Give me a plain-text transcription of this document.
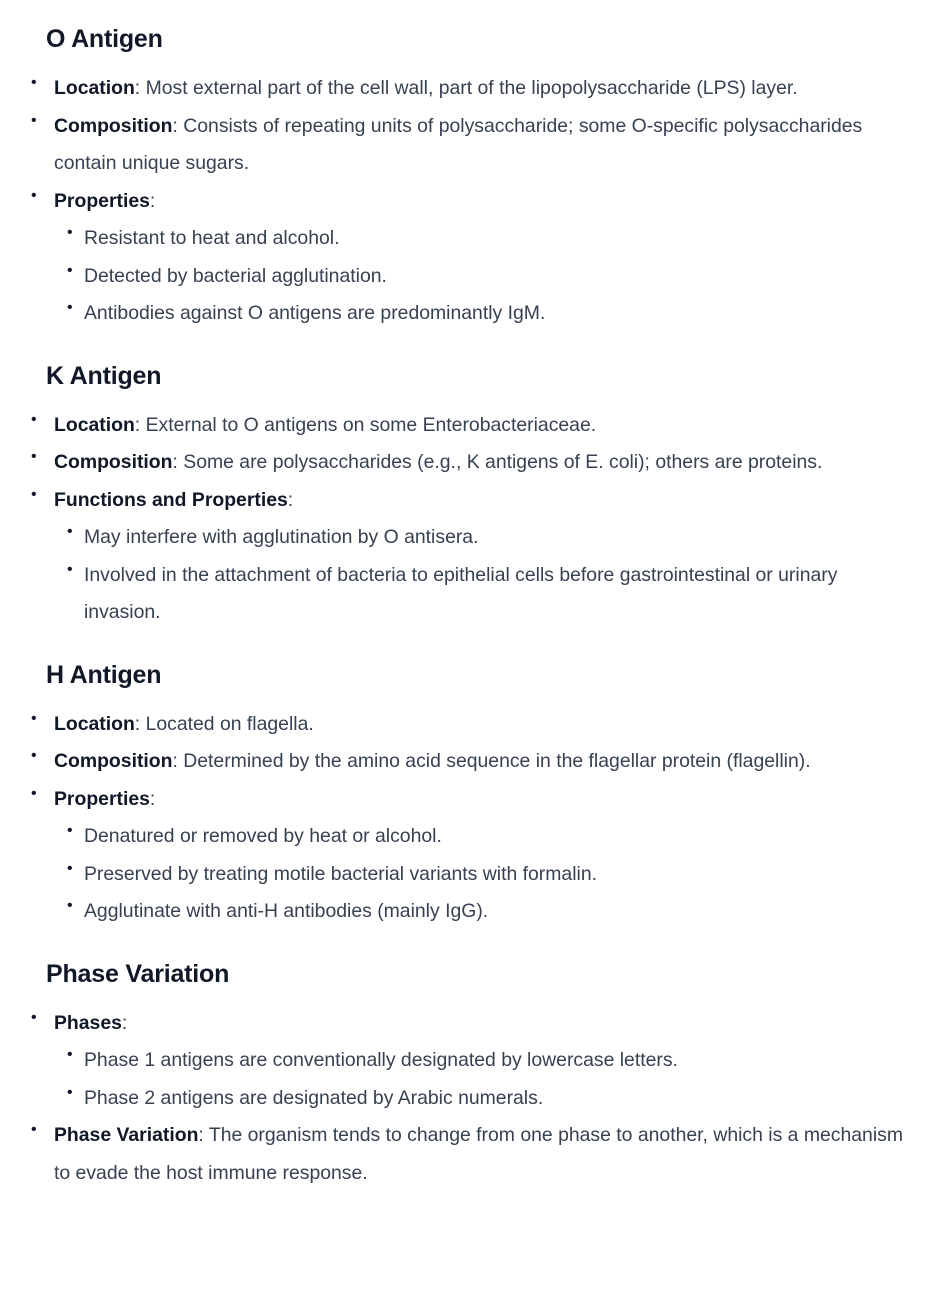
O Antigen
• Location: Most external part of the cell wall, part of the lipopolysaccharide (LPS) layer.
• Composition: Consists of repeating units of polysaccharide; some O-specific polysaccharides contain unique sugars.
• Properties:
• Resistant to heat and alcohol.
• Detected by bacterial agglutination.
• Antibodies against O antigens are predominantly IgM.
K Antigen
• Location: External to O antigens on some Enterobacteriaceae.
• Composition: Some are polysaccharides (e.g., K antigens of E. coli); others are proteins.
• Functions and Properties:
• May interfere with agglutination by O antisera.
• Involved in the attachment of bacteria to epithelial cells before gastrointestinal or urinary invasion.
H Antigen
• Location: Located on flagella.
• Composition: Determined by the amino acid sequence in the flagellar protein (flagellin).
• Properties:
• Denatured or removed by heat or alcohol.
• Preserved by treating motile bacterial variants with formalin.
• Agglutinate with anti-H antibodies (mainly IgG).
Phase Variation
• Phases:
• Phase 1 antigens are conventionally designated by lowercase letters.
• Phase 2 antigens are designated by Arabic numerals.
• Phase Variation: The organism tends to change from one phase to another, which is a mechanism to evade the host immune response.
